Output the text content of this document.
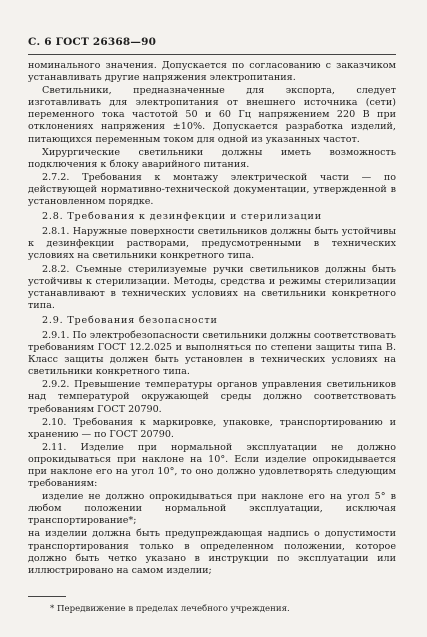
С. 6 ГОСТ 26368—90

номинального значения. Допускается по согласованию с заказчиком устанавливать другие напряжения электропитания.

Светильники, предназначенные для экспорта, следует изготавливать для электропитания от внешнего источника (сети) переменного тока частотой 50 и 60 Гц напряжением 220 В при отклонениях напряжения ±10%. Допускается разработка изделий, питающихся переменным током для одной из указанных частот.

Хирургические светильники должны иметь возможность подключения к блоку аварийного питания.

2.7.2. Требования к монтажу электрической части — по действующей нормативно-технической документации, утвержденной в установленном порядке.

2.8. Требования к дезинфекции и стерилизации

2.8.1. Наружные поверхности светильников должны быть устойчивы к дезинфекции растворами, предусмотренными в технических условиях на светильники конкретного типа.

2.8.2. Съемные стерилизуемые ручки светильников должны быть устойчивы к стерилизации. Методы, средства и режимы стерилизации устанавливают в технических условиях на светильники конкретного типа.

2.9. Требования безопасности

2.9.1. По электробезопасности светильники должны соответствовать требованиям ГОСТ 12.2.025 и выполняться по степени защиты типа В. Класс защиты должен быть установлен в технических условиях на светильники конкретного типа.

2.9.2. Превышение температуры органов управления светильников над температурой окружающей среды должно соответствовать требованиям ГОСТ 20790.

2.10. Требования к маркировке, упаковке, транспортированию и хранению — по ГОСТ 20790.

2.11. Изделие при нормальной эксплуатации не должно опрокидываться при наклоне на 10°. Если изделие опрокидывается при наклоне его на угол 10°, то оно должно удовлетворять следующим требованиям:

изделие не должно опрокидываться при наклоне его на угол 5° в любом положении нормальной эксплуатации, исключая транспортирование*;

на изделии должна быть предупреждающая надпись о допустимости транспортирования только в определенном положении, которое должно быть четко указано в инструкции по эксплуатации или иллюстрировано на самом изделии;

* Передвижение в пределах лечебного учреждения.
